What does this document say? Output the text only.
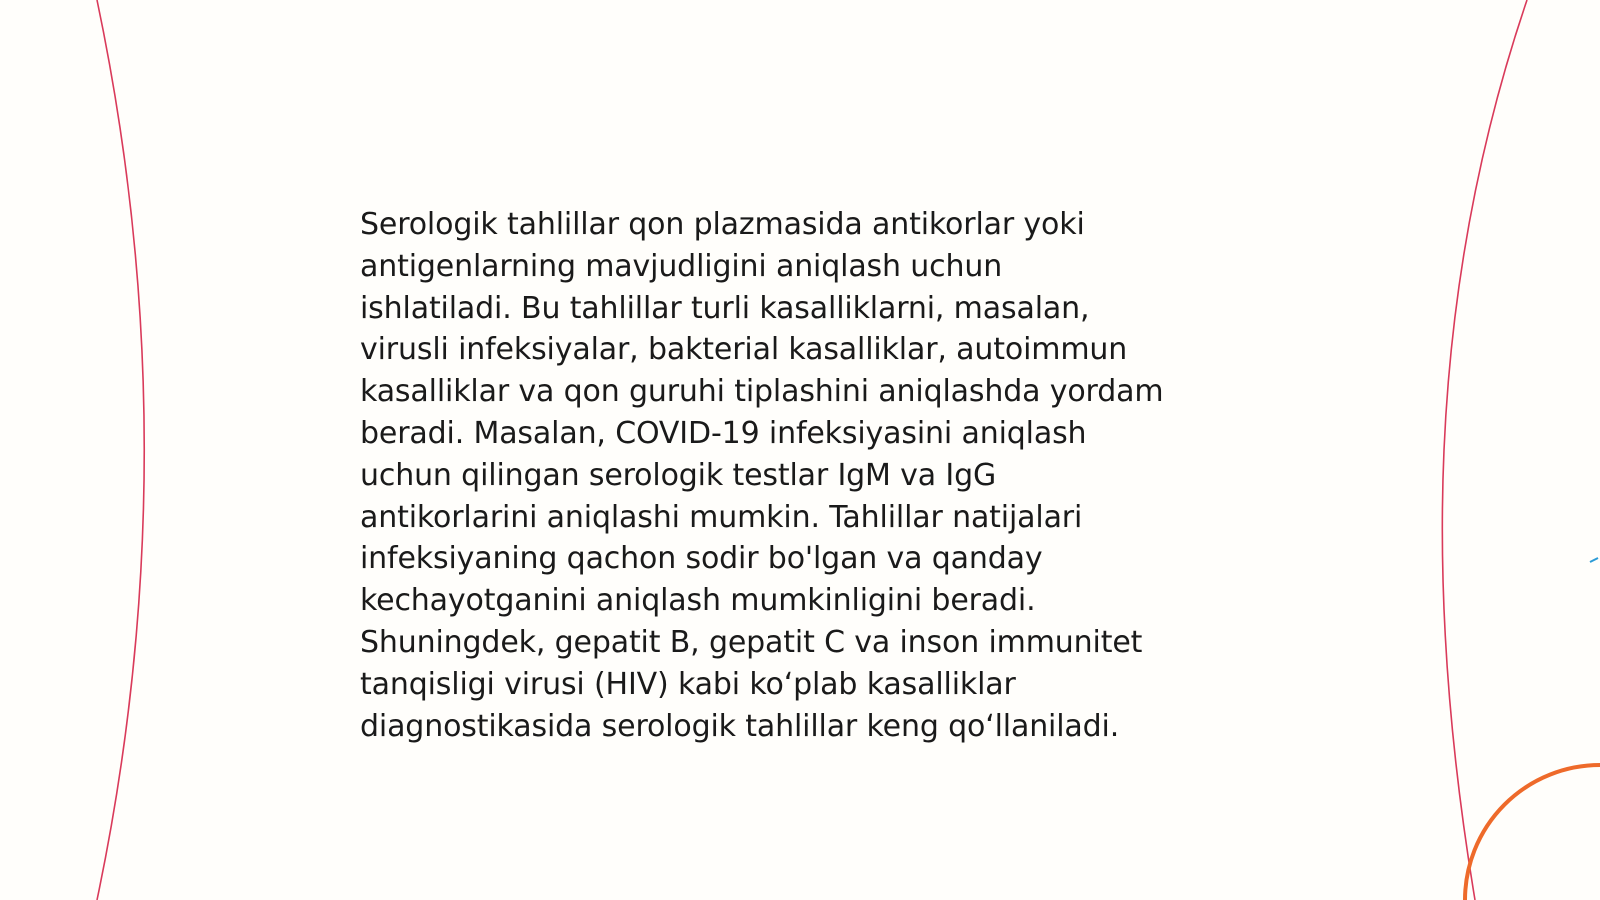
Serologik tahlillar qon plazmasida antikorlar yoki
antigenlarning mavjudligini aniqlash uchun
ishlatiladi. Bu tahlillar turli kasalliklarni, masalan,
virusli infeksiyalar, bakterial kasalliklar, autoimmun
kasalliklar va qon guruhi tiplashini aniqlashda yordam
beradi. Masalan, COVID-19 infeksiyasini aniqlash
uchun qilingan serologik testlar IgM va IgG
antikorlarini aniqlashi mumkin. Tahlillar natijalari
infeksiyaning qachon sodir bo'lgan va qanday
kechayotganini aniqlash mumkinligini beradi.
Shuningdek, gepatit B, gepatit C va inson immunitet
tanqisligi virusi (HIV) kabi ko‘plab kasalliklar
diagnostikasida serologik tahlillar keng qo‘llaniladi.
